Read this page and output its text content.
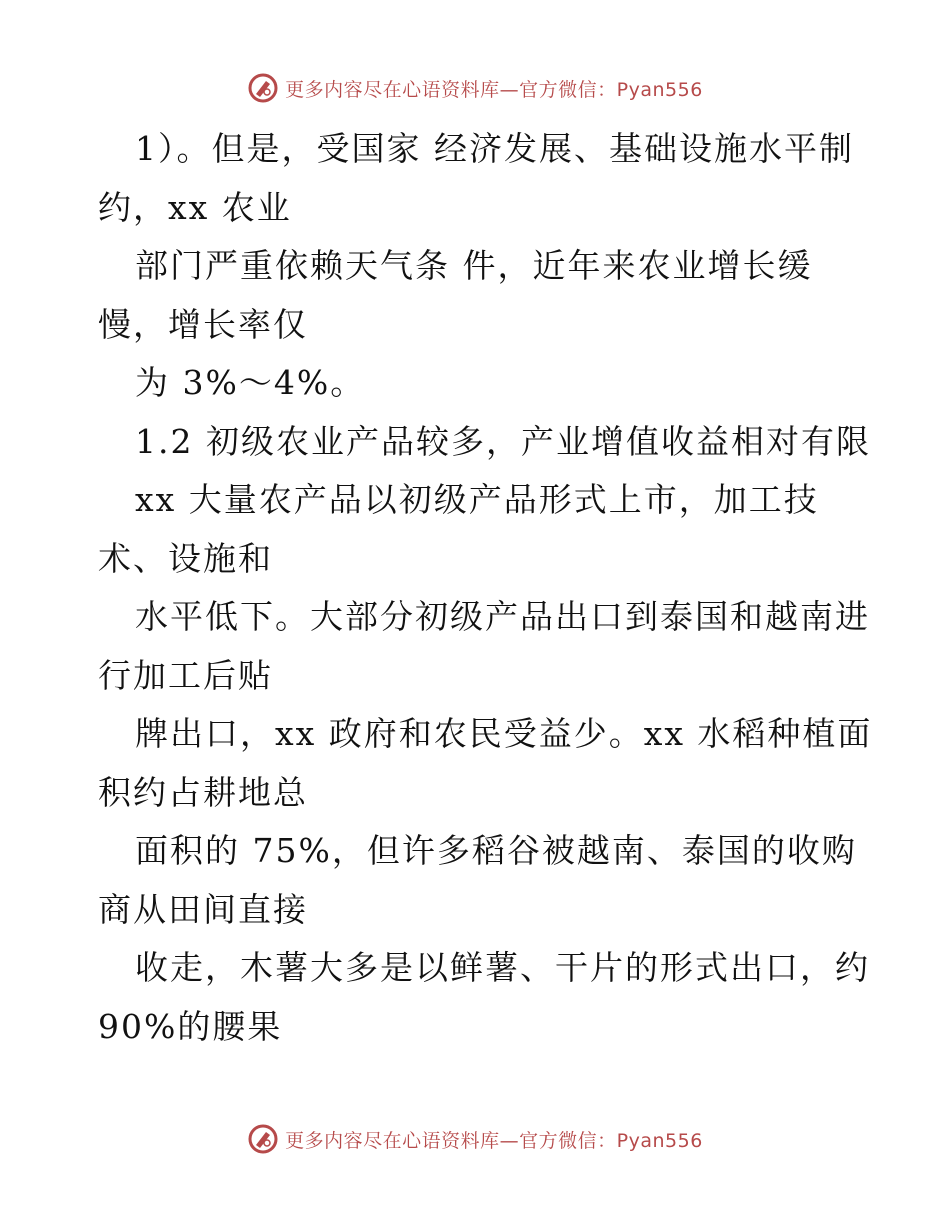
更多内容尽在心语资料库—官方微信：Pyan556
1）。但是，受国家 经济发展、基础设施水平制
约，xx 农业
部门严重依赖天气条 件，近年来农业增长缓
慢，增长率仅
为 3%～4%。
1.2 初级农业产品较多，产业增值收益相对有限
xx 大量农产品以初级产品形式上市，加工技
术、设施和
水平低下。大部分初级产品出口到泰国和越南进
行加工后贴
牌出口，xx 政府和农民受益少。xx 水稻种植面
积约占耕地总
面积的 75%，但许多稻谷被越南、泰国的收购
商从田间直接
收走，木薯大多是以鲜薯、干片的形式出口，约
90%的腰果
更多内容尽在心语资料库—官方微信：Pyan556
